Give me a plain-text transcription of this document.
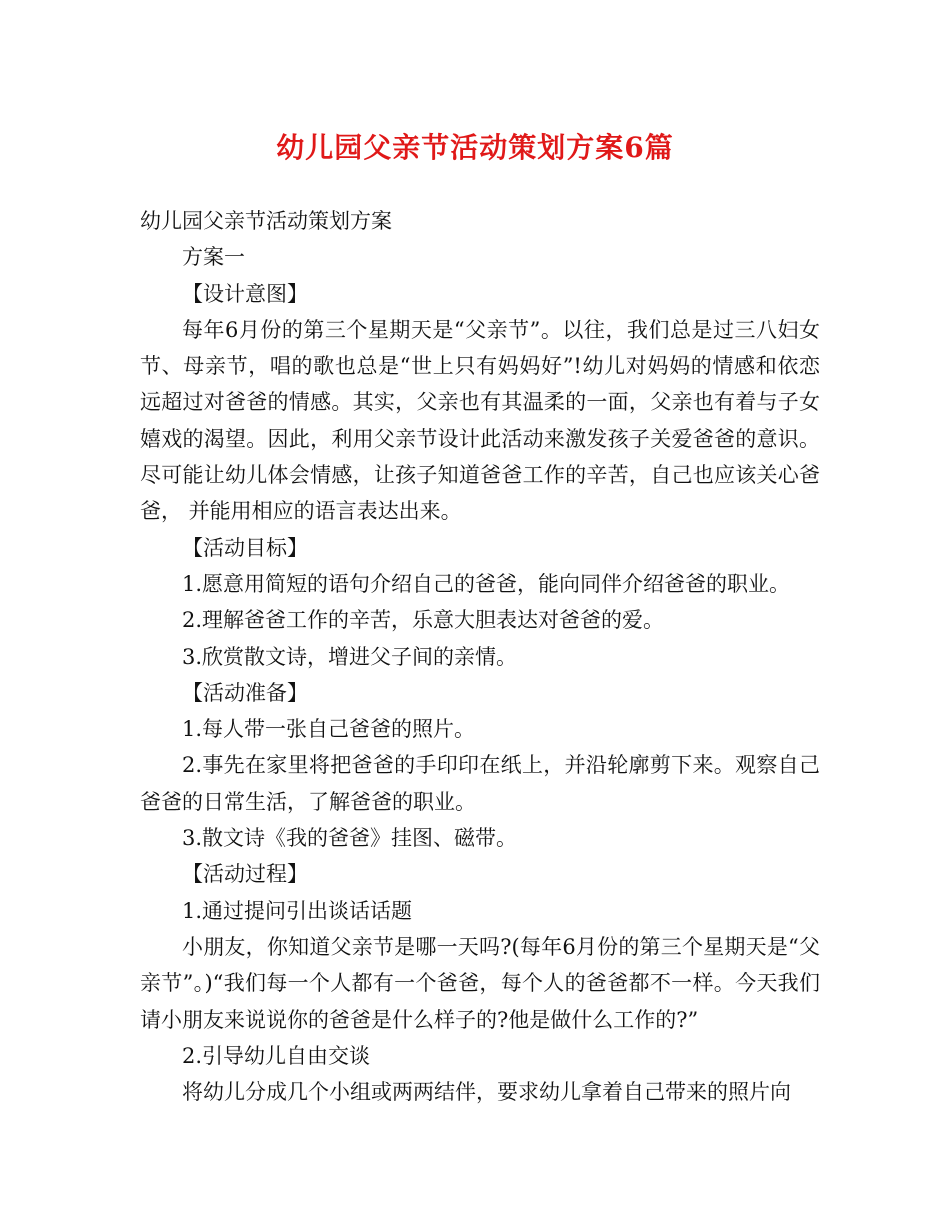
幼儿园父亲节活动策划方案6篇

幼儿园父亲节活动策划方案

方案一

【设计意图】

每年6月份的第三个星期天是“父亲节”。以往，我们总是过三八妇女节、母亲节，唱的歌也总是“世上只有妈妈好”!幼儿对妈妈的情感和依恋远超过对爸爸的情感。其实，父亲也有其温柔的一面，父亲也有着与子女嬉戏的渴望。因此，利用父亲节设计此活动来激发孩子关爱爸爸的意识。尽可能让幼儿体会情感，让孩子知道爸爸工作的辛苦，自己也应该关心爸爸， 并能用相应的语言表达出来。

【活动目标】

1.愿意用简短的语句介绍自己的爸爸，能向同伴介绍爸爸的职业。

2.理解爸爸工作的辛苦，乐意大胆表达对爸爸的爱。

3.欣赏散文诗，增进父子间的亲情。

【活动准备】

1.每人带一张自己爸爸的照片。

2.事先在家里将把爸爸的手印印在纸上，并沿轮廓剪下来。观察自己爸爸的日常生活，了解爸爸的职业。

3.散文诗《我的爸爸》挂图、磁带。

【活动过程】

1.通过提问引出谈话话题

小朋友，你知道父亲节是哪一天吗?(每年6月份的第三个星期天是“父亲节”。)“我们每一个人都有一个爸爸，每个人的爸爸都不一样。今天我们请小朋友来说说你的爸爸是什么样子的?他是做什么工作的?”

2.引导幼儿自由交谈

将幼儿分成几个小组或两两结伴，要求幼儿拿着自己带来的照片向
